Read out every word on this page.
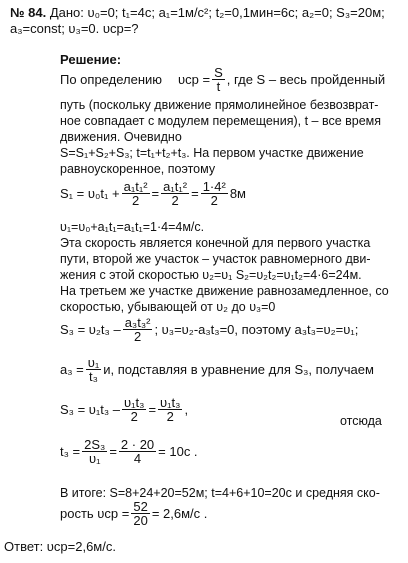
№ 84. Дано: υ₀=0; t₁=4с; a₁=1м/с²; t₂=0,1мин=6с; a₂=0; S₃=20м;
a₃=const; υ₃=0. υср=?
Решение:
По определению $\upsilon ср = \frac{S}{t}$ , где S – весь пройденный
путь (поскольку движение прямолинейное безвозврат-
ное совпадает с модулем перемещения), t – все время
движения. Очевидно
S=S₁+S₂+S₃; t=t₁+t₂+t₃. На первом участке движение
равноускоренное, поэтому
$S_1 = \upsilon_0t_1 + \frac{\text{a₁t₁²}}{2} = \frac{\text{a₁t₁²}}{2} = \frac{\text{1·4²}}{2} 8м$
υ₁=υ₀+a₁t₁=a₁t₁=1·4=4м/с.
Эта скорость является конечной для первого участка
пути, второй же участок – участок равномерного дви-
жения с этой скоростью υ₂=υ₁ S₂=υ₂t₂=υ₁t₂=4·6=24м.
На третьем же участке движение равнозамедленное, со
скоростью, убывающей от υ₂ до υ₃=0
$S_3 = \upsilon_2t_3 - \frac{\text{a₃t₃²}}{2}$ ; υ₃=υ₂-a₃t₃=0, поэтому a₃t₃=υ₂=υ₁;
$a_3 = \frac{\text{υ₁}}{\text{t₃}} и$, подставляя в уравнение для S₃, получаем
$S_3 = \upsilon_1t_3 - \frac{\text{υ₁t₃}}{2} = \frac{\text{υ₁t₃}}{2}$ ,
отсюда
$t_3 = \frac{\text{2S₃}}{\text{υ₁}} = \frac{2 \cdot 20}{4} = 10с$ .
В итоге: S=8+24+20=52м; t=4+6+10=20с и средняя ско-
рость $\upsilon ср = \frac{52}{20} = 2,6м/с$ .
Ответ: υср=2,6м/с.
